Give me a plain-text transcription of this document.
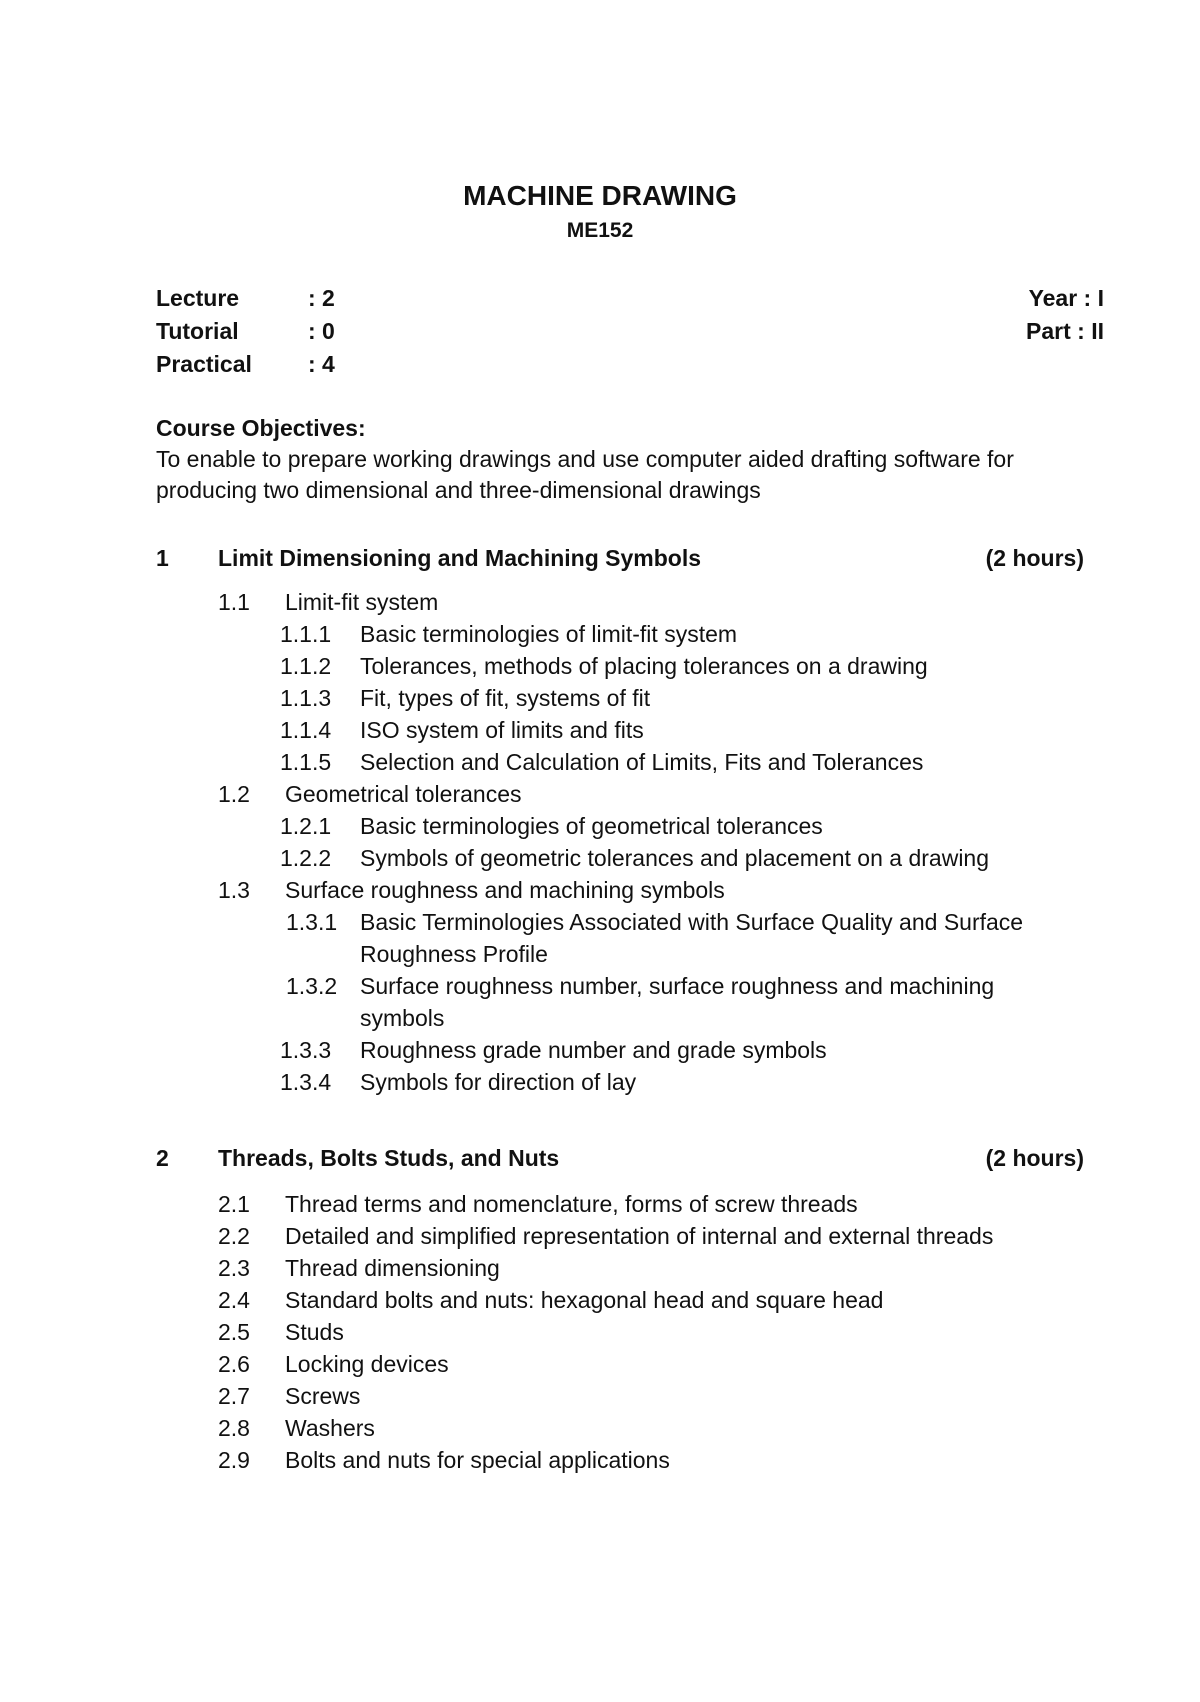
MACHINE DRAWING
ME152
Lecture	: 2
Tutorial	: 0
Practical : 4
Year : I
Part : II
Course Objectives:
To enable to prepare working drawings and use computer aided drafting software for producing two dimensional and three-dimensional drawings
1 Limit Dimensioning and Machining Symbols	(2 hours)
1.1 Limit-fit system
1.1.1	Basic terminologies of limit-fit system
1.1.2	Tolerances, methods of placing tolerances on a drawing
1.1.3	Fit, types of fit, systems of fit
1.1.4	ISO system of limits and fits
1.1.5	Selection and Calculation of Limits, Fits and Tolerances
1.2 Geometrical tolerances
1.2.1	Basic terminologies of geometrical tolerances
1.2.2	Symbols of geometric tolerances and placement on a drawing
1.3 Surface roughness and machining symbols
1.3.1 Basic Terminologies Associated with Surface Quality and Surface Roughness Profile
1.3.2 Surface roughness number, surface roughness and machining symbols
1.3.3	Roughness grade number and grade symbols
1.3.4	Symbols for direction of lay
2 Threads, Bolts Studs, and Nuts	(2 hours)
2.1 Thread terms and nomenclature, forms of screw threads
2.2 Detailed and simplified representation of internal and external threads
2.3 Thread dimensioning
2.4 Standard bolts and nuts: hexagonal head and square head
2.5 Studs
2.6 Locking devices
2.7 Screws
2.8 Washers
2.9 Bolts and nuts for special applications
